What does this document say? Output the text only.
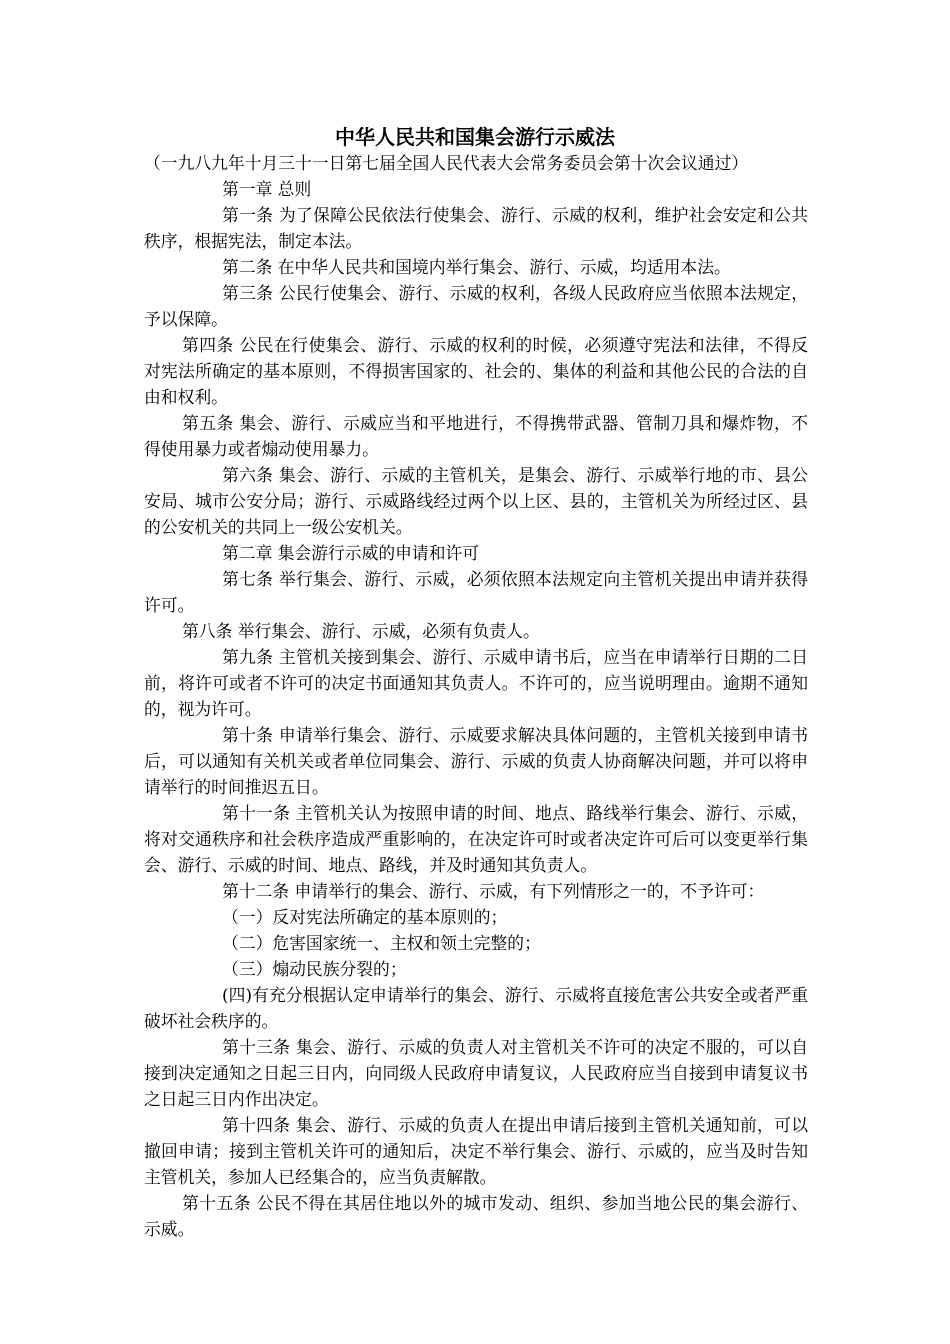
中华人民共和国集会游行示威法

（一九八九年十月三十一日第七届全国人民代表大会常务委员会第十次会议通过）

第一章 总则

第一条 为了保障公民依法行使集会、游行、示威的权利，维护社会安定和公共秩序，根据宪法，制定本法。

第二条 在中华人民共和国境内举行集会、游行、示威，均适用本法。

第三条 公民行使集会、游行、示威的权利，各级人民政府应当依照本法规定，予以保障。

第四条 公民在行使集会、游行、示威的权利的时候，必须遵守宪法和法律，不得反对宪法所确定的基本原则，不得损害国家的、社会的、集体的利益和其他公民的合法的自由和权利。

第五条 集会、游行、示威应当和平地进行，不得携带武器、管制刀具和爆炸物，不得使用暴力或者煽动使用暴力。

第六条 集会、游行、示威的主管机关，是集会、游行、示威举行地的市、县公安局、城市公安分局；游行、示威路线经过两个以上区、县的，主管机关为所经过区、县的公安机关的共同上一级公安机关。

第二章 集会游行示威的申请和许可

第七条 举行集会、游行、示威，必须依照本法规定向主管机关提出申请并获得许可。

第八条 举行集会、游行、示威，必须有负责人。

第九条 主管机关接到集会、游行、示威申请书后，应当在申请举行日期的二日前，将许可或者不许可的决定书面通知其负责人。不许可的，应当说明理由。逾期不通知的，视为许可。

第十条 申请举行集会、游行、示威要求解决具体问题的，主管机关接到申请书后，可以通知有关机关或者单位同集会、游行、示威的负责人协商解决问题，并可以将申请举行的时间推迟五日。

第十一条 主管机关认为按照申请的时间、地点、路线举行集会、游行、示威，将对交通秩序和社会秩序造成严重影响的，在决定许可时或者决定许可后可以变更举行集会、游行、示威的时间、地点、路线，并及时通知其负责人。

第十二条 申请举行的集会、游行、示威，有下列情形之一的，不予许可：

（一）反对宪法所确定的基本原则的；

（二）危害国家统一、主权和领土完整的；

（三）煽动民族分裂的；

(四)有充分根据认定申请举行的集会、游行、示威将直接危害公共安全或者严重破坏社会秩序的。

第十三条 集会、游行、示威的负责人对主管机关不许可的决定不服的，可以自接到决定通知之日起三日内，向同级人民政府申请复议，人民政府应当自接到申请复议书之日起三日内作出决定。

第十四条 集会、游行、示威的负责人在提出申请后接到主管机关通知前，可以撤回申请；接到主管机关许可的通知后，决定不举行集会、游行、示威的，应当及时告知主管机关，参加人已经集合的，应当负责解散。

第十五条 公民不得在其居住地以外的城市发动、组织、参加当地公民的集会游行、示威。
